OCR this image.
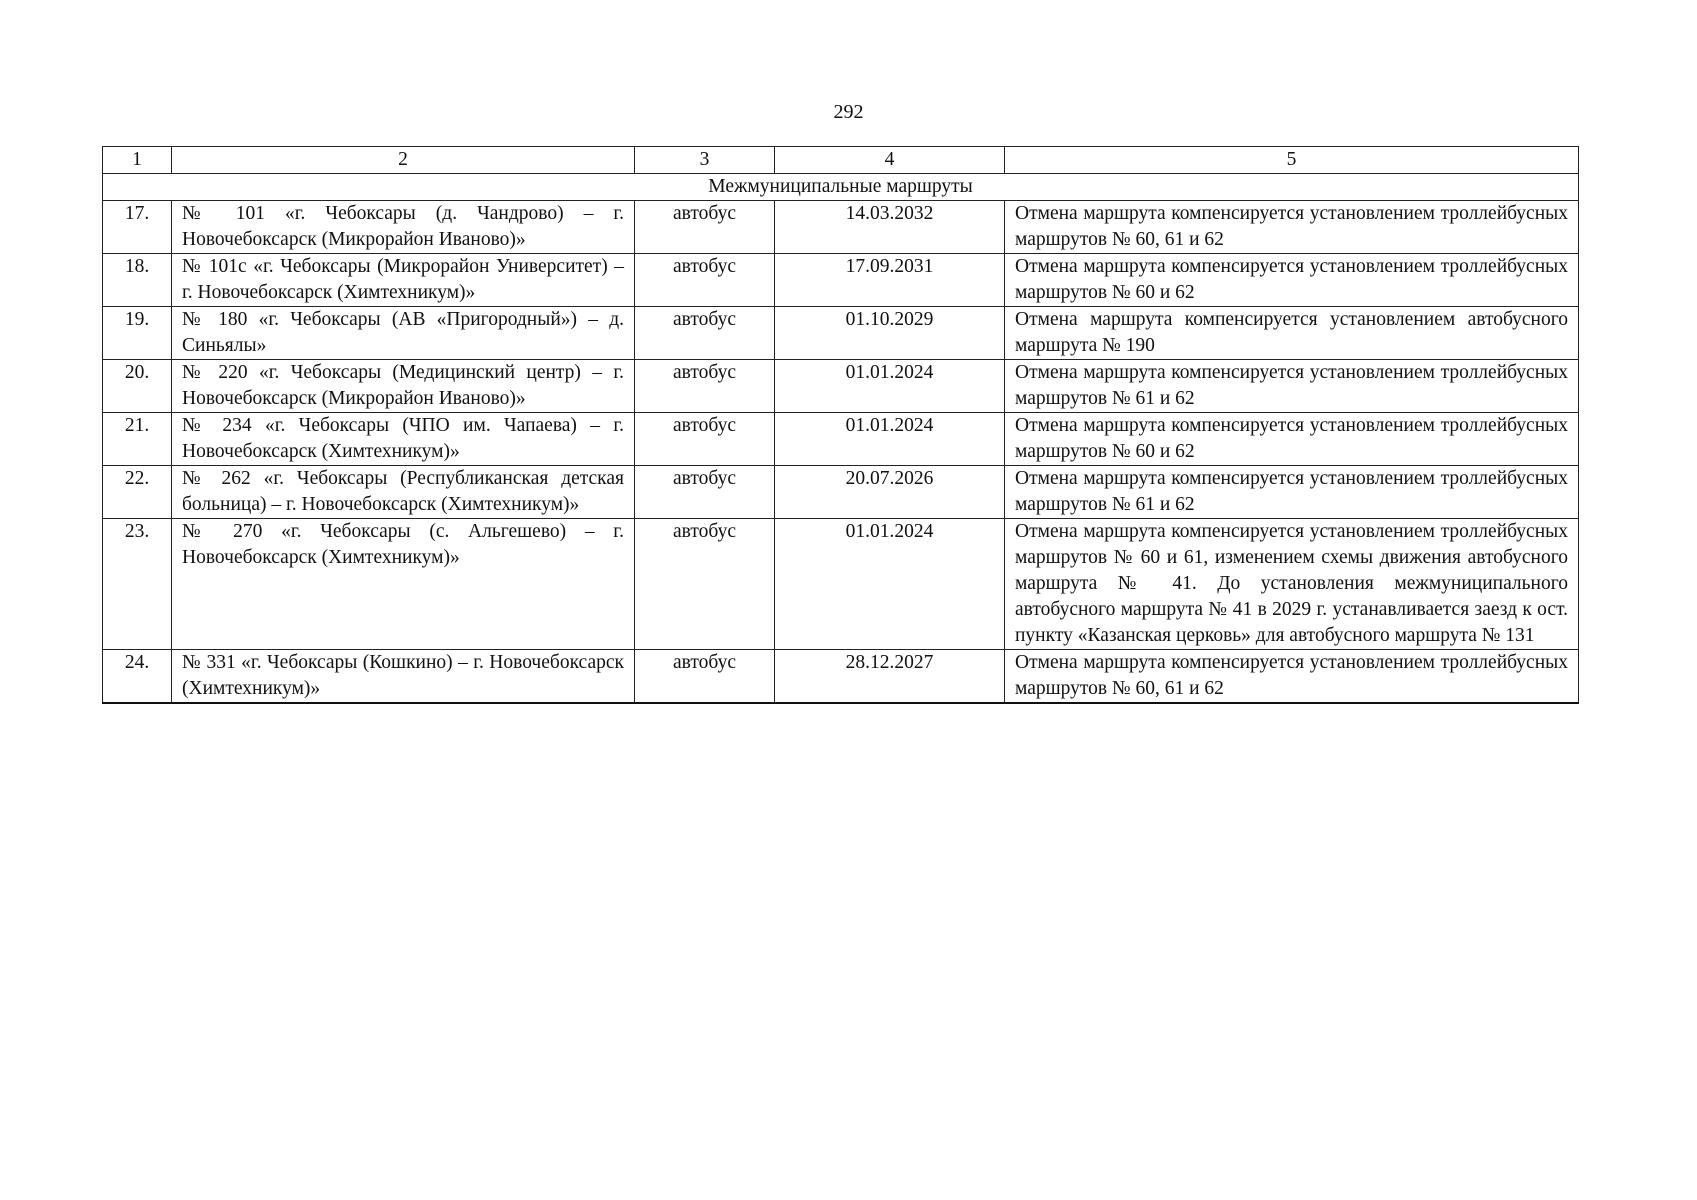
292
1	2	3	4	5
Межмуниципальные маршруты				
17.	№ 101 «г. Чебоксары (д. Чандрово) – г. Новочебоксарск (Микрорайон Иваново)»	автобус	14.03.2032	Отмена маршрута компенсируется установлением троллейбусных маршрутов № 60, 61 и 62
18.	№ 101с «г. Чебоксары (Микрорайон Университет) – г. Новочебоксарск (Химтехникум)»	автобус	17.09.2031	Отмена маршрута компенсируется установлением троллейбусных маршрутов № 60 и 62
19.	№ 180 «г. Чебоксары (АВ «Пригородный») – д. Синьялы»	автобус	01.10.2029	Отмена маршрута компенсируется установлением автобусного маршрута № 190
20.	№ 220 «г. Чебоксары (Медицинский центр) – г. Новочебоксарск (Микрорайон Иваново)»	автобус	01.01.2024	Отмена маршрута компенсируется установлением троллейбусных маршрутов № 61 и 62
21.	№ 234 «г. Чебоксары (ЧПО им. Чапаева) – г. Новочебоксарск (Химтехникум)»	автобус	01.01.2024	Отмена маршрута компенсируется установлением троллейбусных маршрутов № 60 и 62
22.	№ 262 «г. Чебоксары (Республиканская детская больница) – г. Новочебоксарск (Химтехникум)»	автобус	20.07.2026	Отмена маршрута компенсируется установлением троллейбусных маршрутов № 61 и 62
23.	№ 270 «г. Чебоксары (с. Альгешево) – г. Новочебоксарск (Химтехникум)»	автобус	01.01.2024	Отмена маршрута компенсируется установлением троллейбусных маршрутов № 60 и 61, изменением схемы движения автобусного маршрута № 41. До установления межмуниципального автобусного маршрута № 41 в 2029 г. устанавливается заезд к ост. пункту «Казанская церковь» для автобусного маршрута № 131
24.	№ 331 «г. Чебоксары (Кошкино) – г. Новочебоксарск (Химтехникум)»	автобус	28.12.2027	Отмена маршрута компенсируется установлением троллейбусных маршрутов № 60, 61 и 62
